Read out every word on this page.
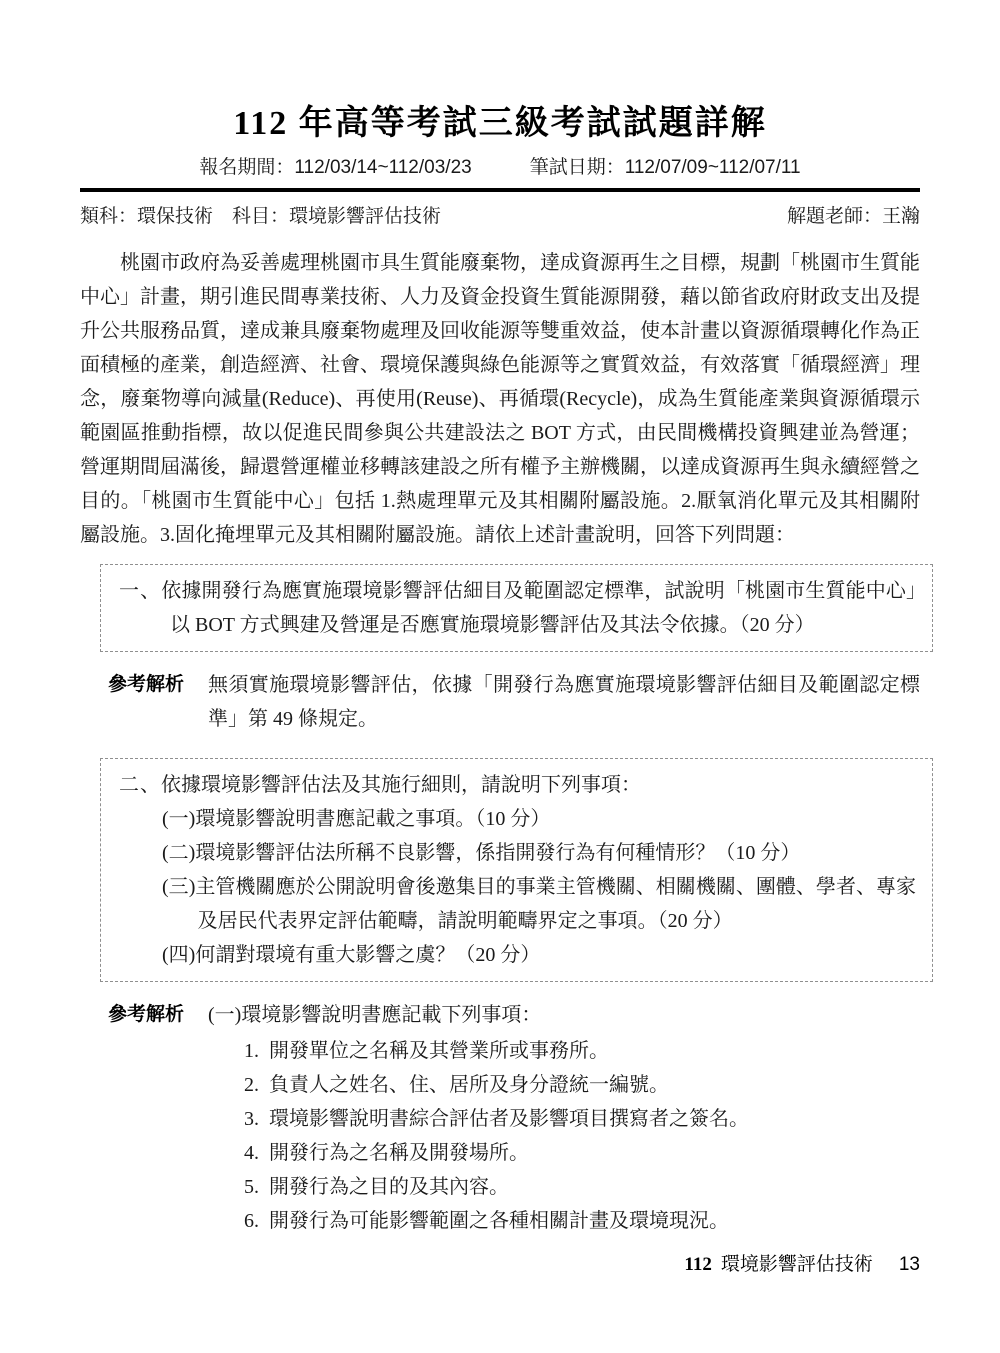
112 年高等考試三級考試試題詳解
報名期間：112/03/14~112/03/23	筆試日期：112/07/09~112/07/11
類科：環保技術　科目：環境影響評估技術	解題老師：王瀚

桃園市政府為妥善處理桃園市具生質能廢棄物，達成資源再生之目標，規劃「桃園市生質能中心」計畫，期引進民間專業技術、人力及資金投資生質能源開發，藉以節省政府財政支出及提升公共服務品質，達成兼具廢棄物處理及回收能源等雙重效益，使本計畫以資源循環轉化作為正面積極的產業，創造經濟、社會、環境保護與綠色能源等之實質效益，有效落實「循環經濟」理念，廢棄物導向減量(Reduce)、再使用(Reuse)、再循環(Recycle)，成為生質能產業與資源循環示範園區推動指標，故以促進民間參與公共建設法之 BOT 方式，由民間機構投資興建並為營運；營運期間屆滿後，歸還營運權並移轉該建設之所有權予主辦機關，以達成資源再生與永續經營之目的。「桃園市生質能中心」包括 1.熱處理單元及其相關附屬設施。2.厭氧消化單元及其相關附屬設施。3.固化掩埋單元及其相關附屬設施。請依上述計畫說明，回答下列問題：

一、依據開發行為應實施環境影響評估細目及範圍認定標準，試說明「桃園市生質能中心」以 BOT 方式興建及營運是否應實施環境影響評估及其法令依據。（20 分）

參考解析 無須實施環境影響評估，依據「開發行為應實施環境影響評估細目及範圍認定標準」第 49 條規定。

二、依據環境影響評估法及其施行細則，請說明下列事項：

(一)環境影響說明書應記載之事項。（10 分）

(二)環境影響評估法所稱不良影響，係指開發行為有何種情形？（10 分）

(三)主管機關應於公開說明會後邀集目的事業主管機關、相關機關、團體、學者、專家及居民代表界定評估範疇，請說明範疇界定之事項。（20 分）

(四)何謂對環境有重大影響之虞？（20 分）

參考解析 (一)環境影響說明書應記載下列事項：

1. 開發單位之名稱及其營業所或事務所。

2. 負責人之姓名、住、居所及身分證統一編號。

3. 環境影響說明書綜合評估者及影響項目撰寫者之簽名。

4. 開發行為之名稱及開發場所。

5. 開發行為之目的及其內容。

6. 開發行為可能影響範圍之各種相關計畫及環境現況。

112 環境影響評估技術 13
